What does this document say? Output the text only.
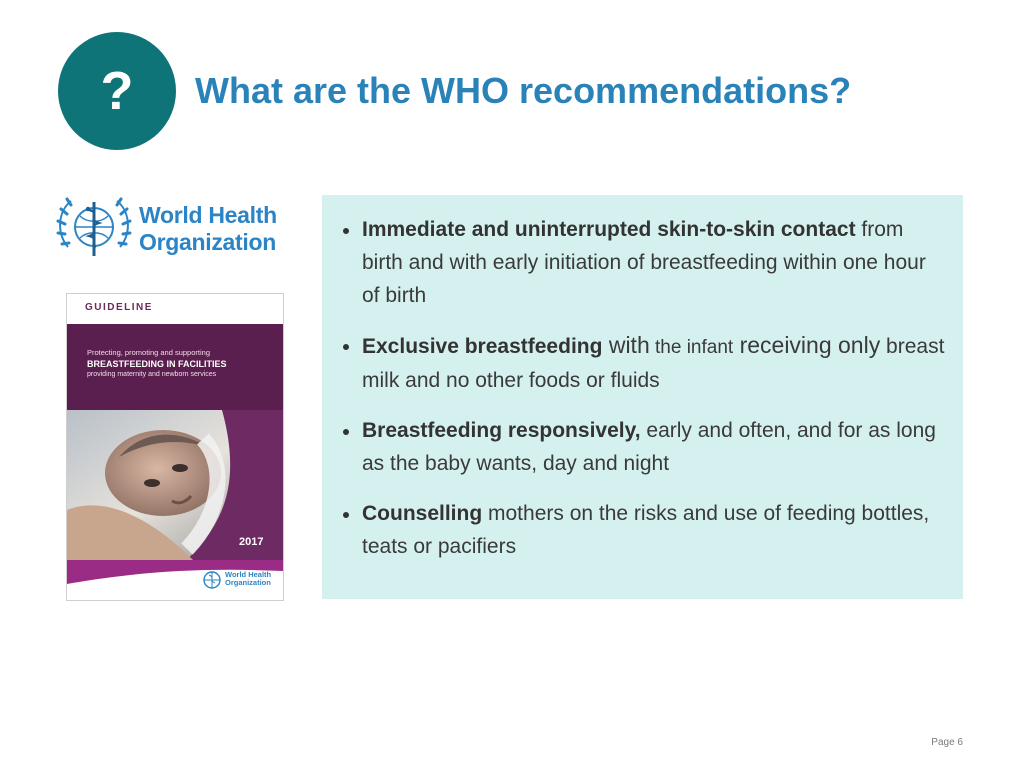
? What are the WHO recommendations?
World Health
Organization
GUIDELINE
Protecting, promoting and supporting
BREASTFEEDING IN FACILITIES
providing maternity and newborn services
2017
World Health
Organization
Immediate and uninterrupted skin-to-skin contact from birth and with early initiation of breastfeeding within one hour of birth
Exclusive breastfeeding with the infant receiving only breast milk and no other foods or fluids
Breastfeeding responsively, early and often, and for as long as the baby wants, day and night
Counselling mothers on the risks and use of feeding bottles, teats or pacifiers
Page 6
